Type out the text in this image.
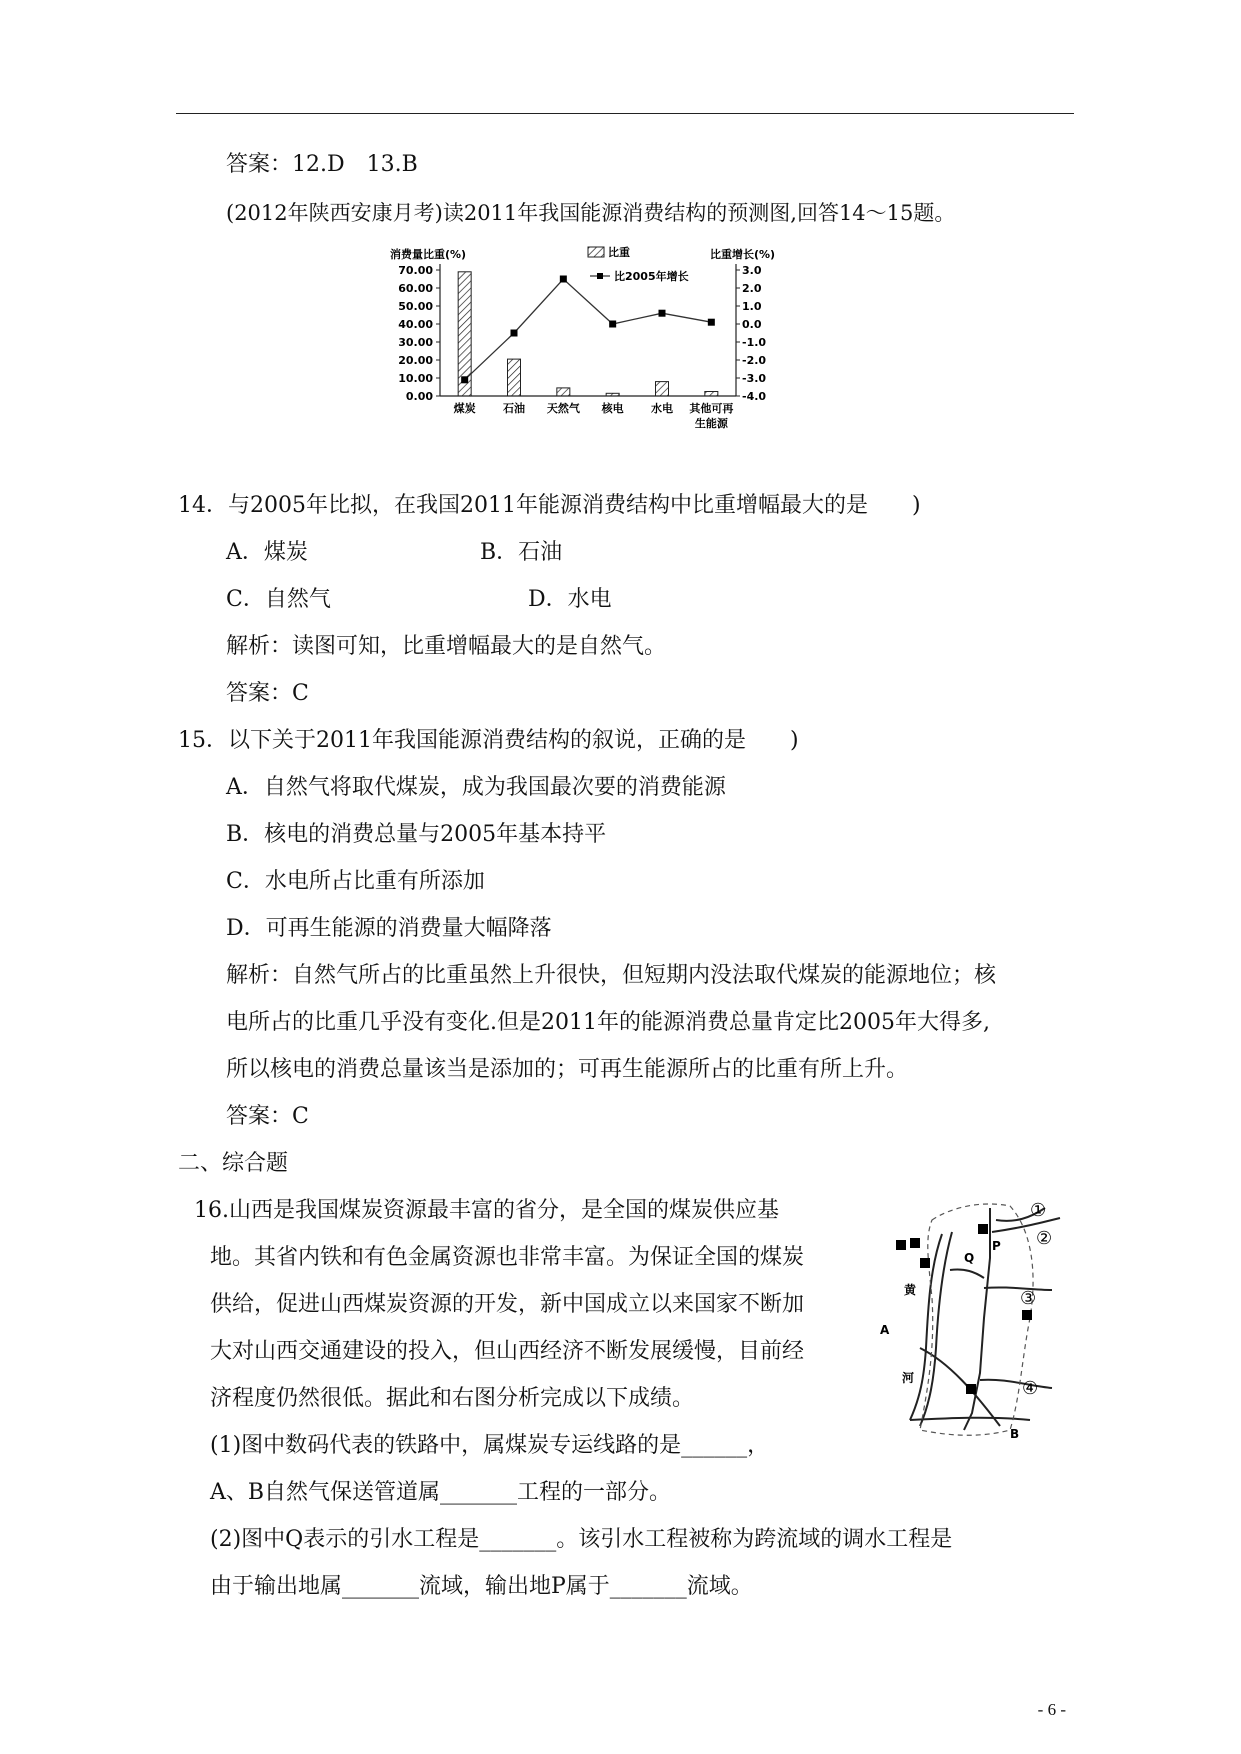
答案：12.D　13.B
(2012年陕西安康月考)读2011年我国能源消费结构的预测图,回答14～15题。
70.00
60.00
50.00
40.00
30.00
20.00
10.00
0.00
3.0
2.0
1.0
0.0
-1.0
-2.0
-3.0
-4.0
消费量比重(%)	比重增长(%)
煤炭 石油 天然气 核电 水电 其他可再
生能源
比重
比2005年增长
14．与2005年比拟，在我国2011年能源消费结构中比重增幅最大的是　　)
A．煤炭	B．石油
C．自然气	D．水电
解析：读图可知，比重增幅最大的是自然气。
答案：C
15．以下关于2011年我国能源消费结构的叙说，正确的是　　)
A．自然气将取代煤炭，成为我国最次要的消费能源
B．核电的消费总量与2005年基本持平
C．水电所占比重有所添加
D．可再生能源的消费量大幅降落
解析：自然气所占的比重虽然上升很快，但短期内没法取代煤炭的能源地位；核
电所占的比重几乎没有变化.但是2011年的能源消费总量肯定比2005年大得多,
所以核电的消费总量该当是添加的；可再生能源所占的比重有所上升。
答案：C
二、综合题
16.山西是我国煤炭资源最丰富的省分，是全国的煤炭供应基
地。其省内铁和有色金属资源也非常丰富。为保证全国的煤炭
供给，促进山西煤炭资源的开发，新中国成立以来国家不断加
大对山西交通建设的投入，但山西经济不断发展缓慢，目前经
济程度仍然很低。据此和右图分析完成以下成绩。
(1)图中数码代表的铁路中，属煤炭专运线路的是______，
A、B自然气保送管道属_______工程的一部分。
(2)图中Q表示的引水工程是_______。该引水工程被称为跨流域的调水工程是
由于输出地属_______流域，输出地P属于_______流域。
①
②
③
④
Q
P
A
B
黄
河
- 6 -
